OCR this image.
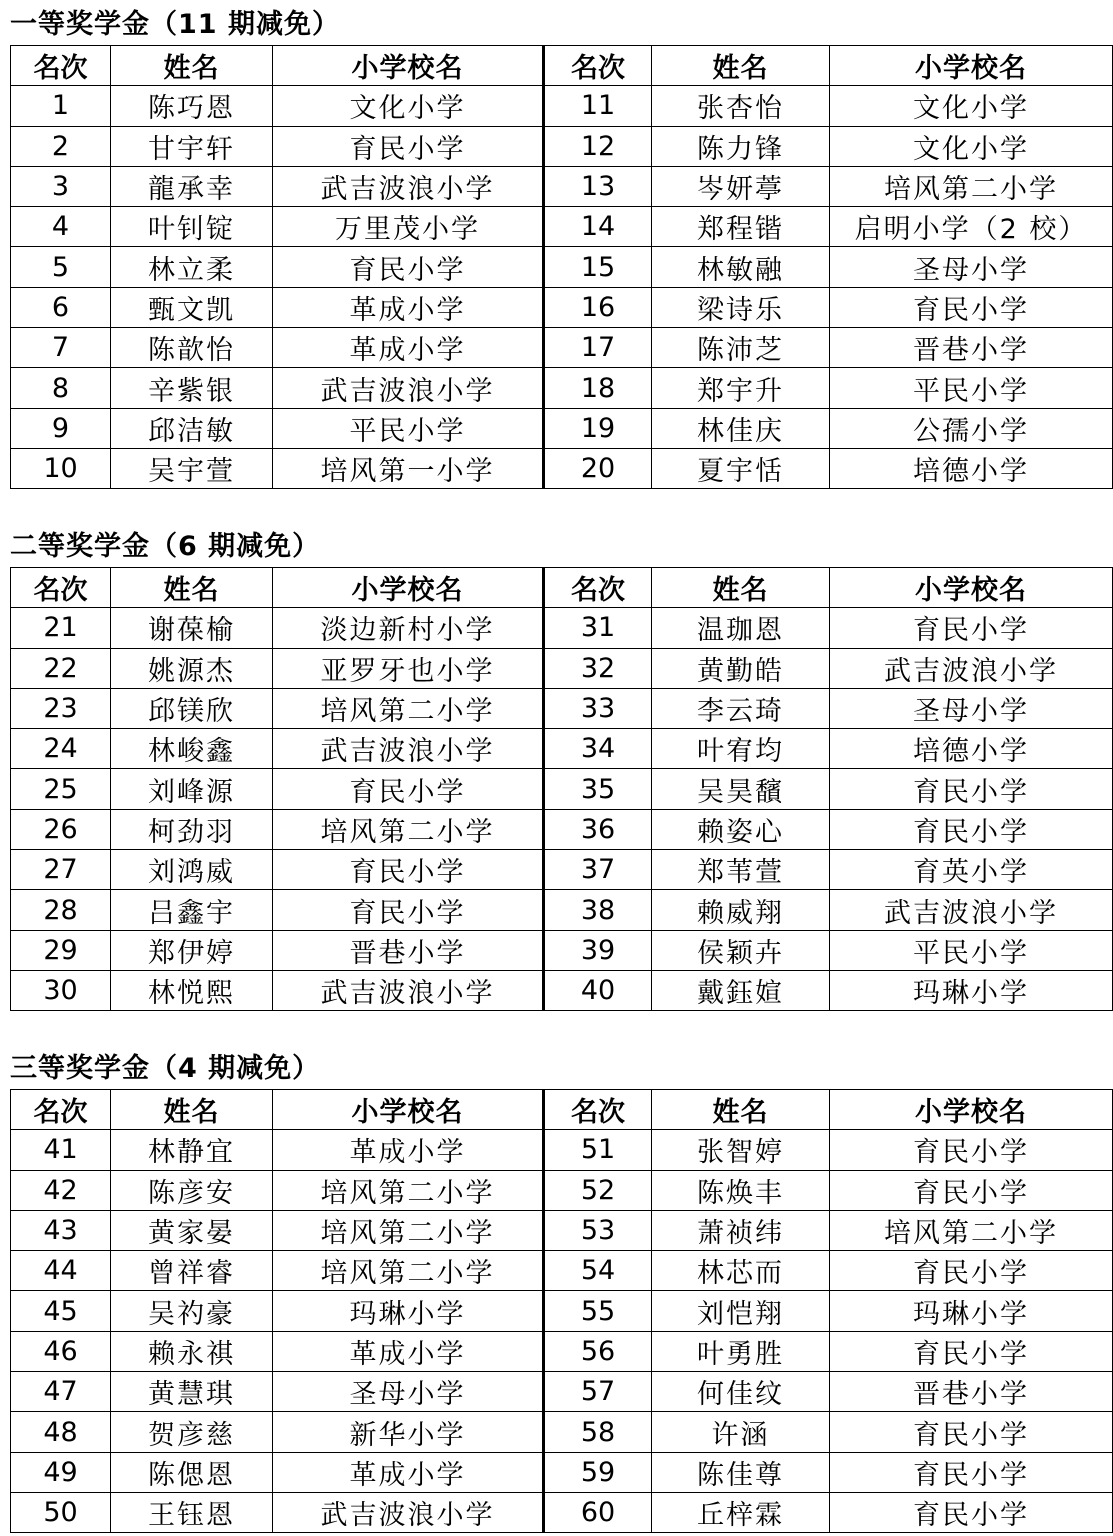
一等奖学金（11 期减免）
名次	姓名	小学校名	名次	姓名	小学校名
1	陈巧恩	文化小学	11	张杏怡	文化小学
2	甘宇轩	育民小学	12	陈力锋	文化小学
3	龍承幸	武吉波浪小学	13	岑妍葶	培风第二小学
4	叶钊锭	万里茂小学	14	郑程锴	启明小学（2 校）
5	林立柔	育民小学	15	林敏融	圣母小学
6	甄文凯	革成小学	16	梁诗乐	育民小学
7	陈歆怡	革成小学	17	陈沛芝	晋巷小学
8	辛紫银	武吉波浪小学	18	郑宇升	平民小学
9	邱洁敏	平民小学	19	林佳庆	公孺小学
10	吴宇萱	培风第一小学	20	夏宇恬	培德小学
二等奖学金（6 期减免）
名次	姓名	小学校名	名次	姓名	小学校名
21	谢葆榆	淡边新村小学	31	温珈恩	育民小学
22	姚源杰	亚罗牙也小学	32	黄勤皓	武吉波浪小学
23	邱镁欣	培风第二小学	33	李云琦	圣母小学
24	林峻鑫	武吉波浪小学	34	叶宥均	培德小学
25	刘峰源	育民小学	35	吴昊馪	育民小学
26	柯劲羽	培风第二小学	36	赖姿心	育民小学
27	刘鸿威	育民小学	37	郑苇萱	育英小学
28	吕鑫宇	育民小学	38	赖威翔	武吉波浪小学
29	郑伊婷	晋巷小学	39	侯颖卉	平民小学
30	林悦熙	武吉波浪小学	40	戴鈺媗	玛琳小学
三等奖学金（4 期减免）
名次	姓名	小学校名	名次	姓名	小学校名
41	林静宜	革成小学	51	张智婷	育民小学
42	陈彦安	培风第二小学	52	陈焕丰	育民小学
43	黄家晏	培风第二小学	53	萧祯纬	培风第二小学
44	曾祥睿	培风第二小学	54	林芯而	育民小学
45	吴礿豪	玛琳小学	55	刘恺翔	玛琳小学
46	赖永祺	革成小学	56	叶勇胜	育民小学
47	黄慧琪	圣母小学	57	何佳纹	晋巷小学
48	贺彦慈	新华小学	58	许涵	育民小学
49	陈偲恩	革成小学	59	陈佳尊	育民小学
50	王钰恩	武吉波浪小学	60	丘梓霖	育民小学
